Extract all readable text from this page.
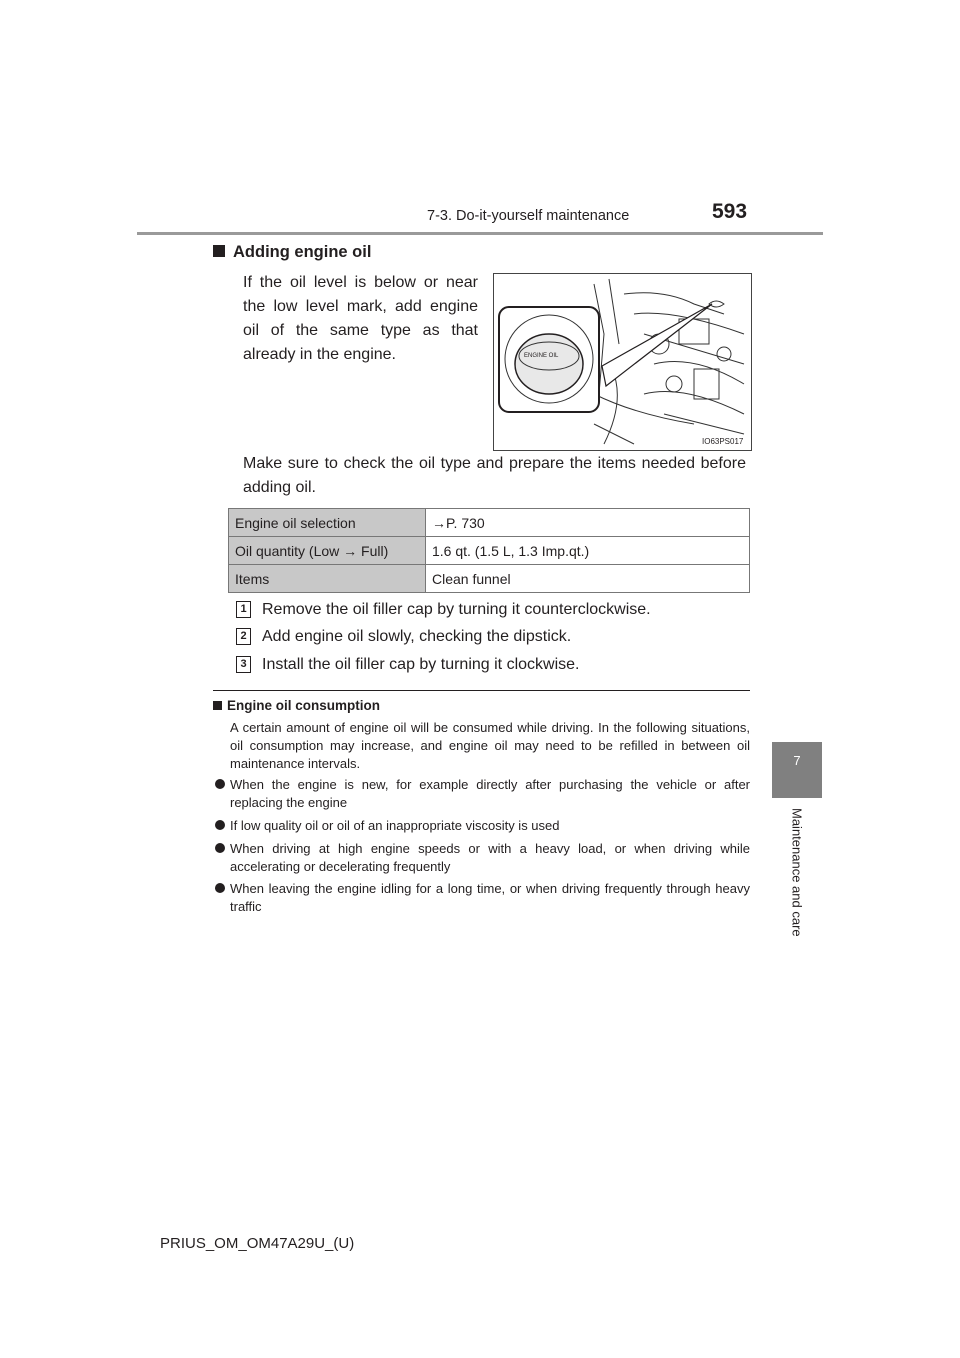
7-3. Do-it-yourself maintenance	593
7
Maintenance and care
Adding engine oil
If the oil level is below or near the low level mark, add engine oil of the same type as that already in the engine.	ENGINE OIL
IO63PS017
Make sure to check the oil type and prepare the items needed before adding oil.
Engine oil selection	→P. 730
Oil quantity (Low → Full)	1.6 qt. (1.5 L, 1.3 Imp.qt.)
Items	Clean funnel
1 Remove the oil filler cap by turning it counterclockwise.
2 Add engine oil slowly, checking the dipstick.
3 Install the oil filler cap by turning it clockwise.
Engine oil consumption
A certain amount of engine oil will be consumed while driving. In the following situations, oil consumption may increase, and engine oil may need to be refilled in between oil maintenance intervals.
When the engine is new, for example directly after purchasing the vehicle or after replacing the engine
If low quality oil or oil of an inappropriate viscosity is used
When driving at high engine speeds or with a heavy load, or when driving while accelerating or decelerating frequently
When leaving the engine idling for a long time, or when driving frequently through heavy traffic
PRIUS_OM_OM47A29U_(U)
